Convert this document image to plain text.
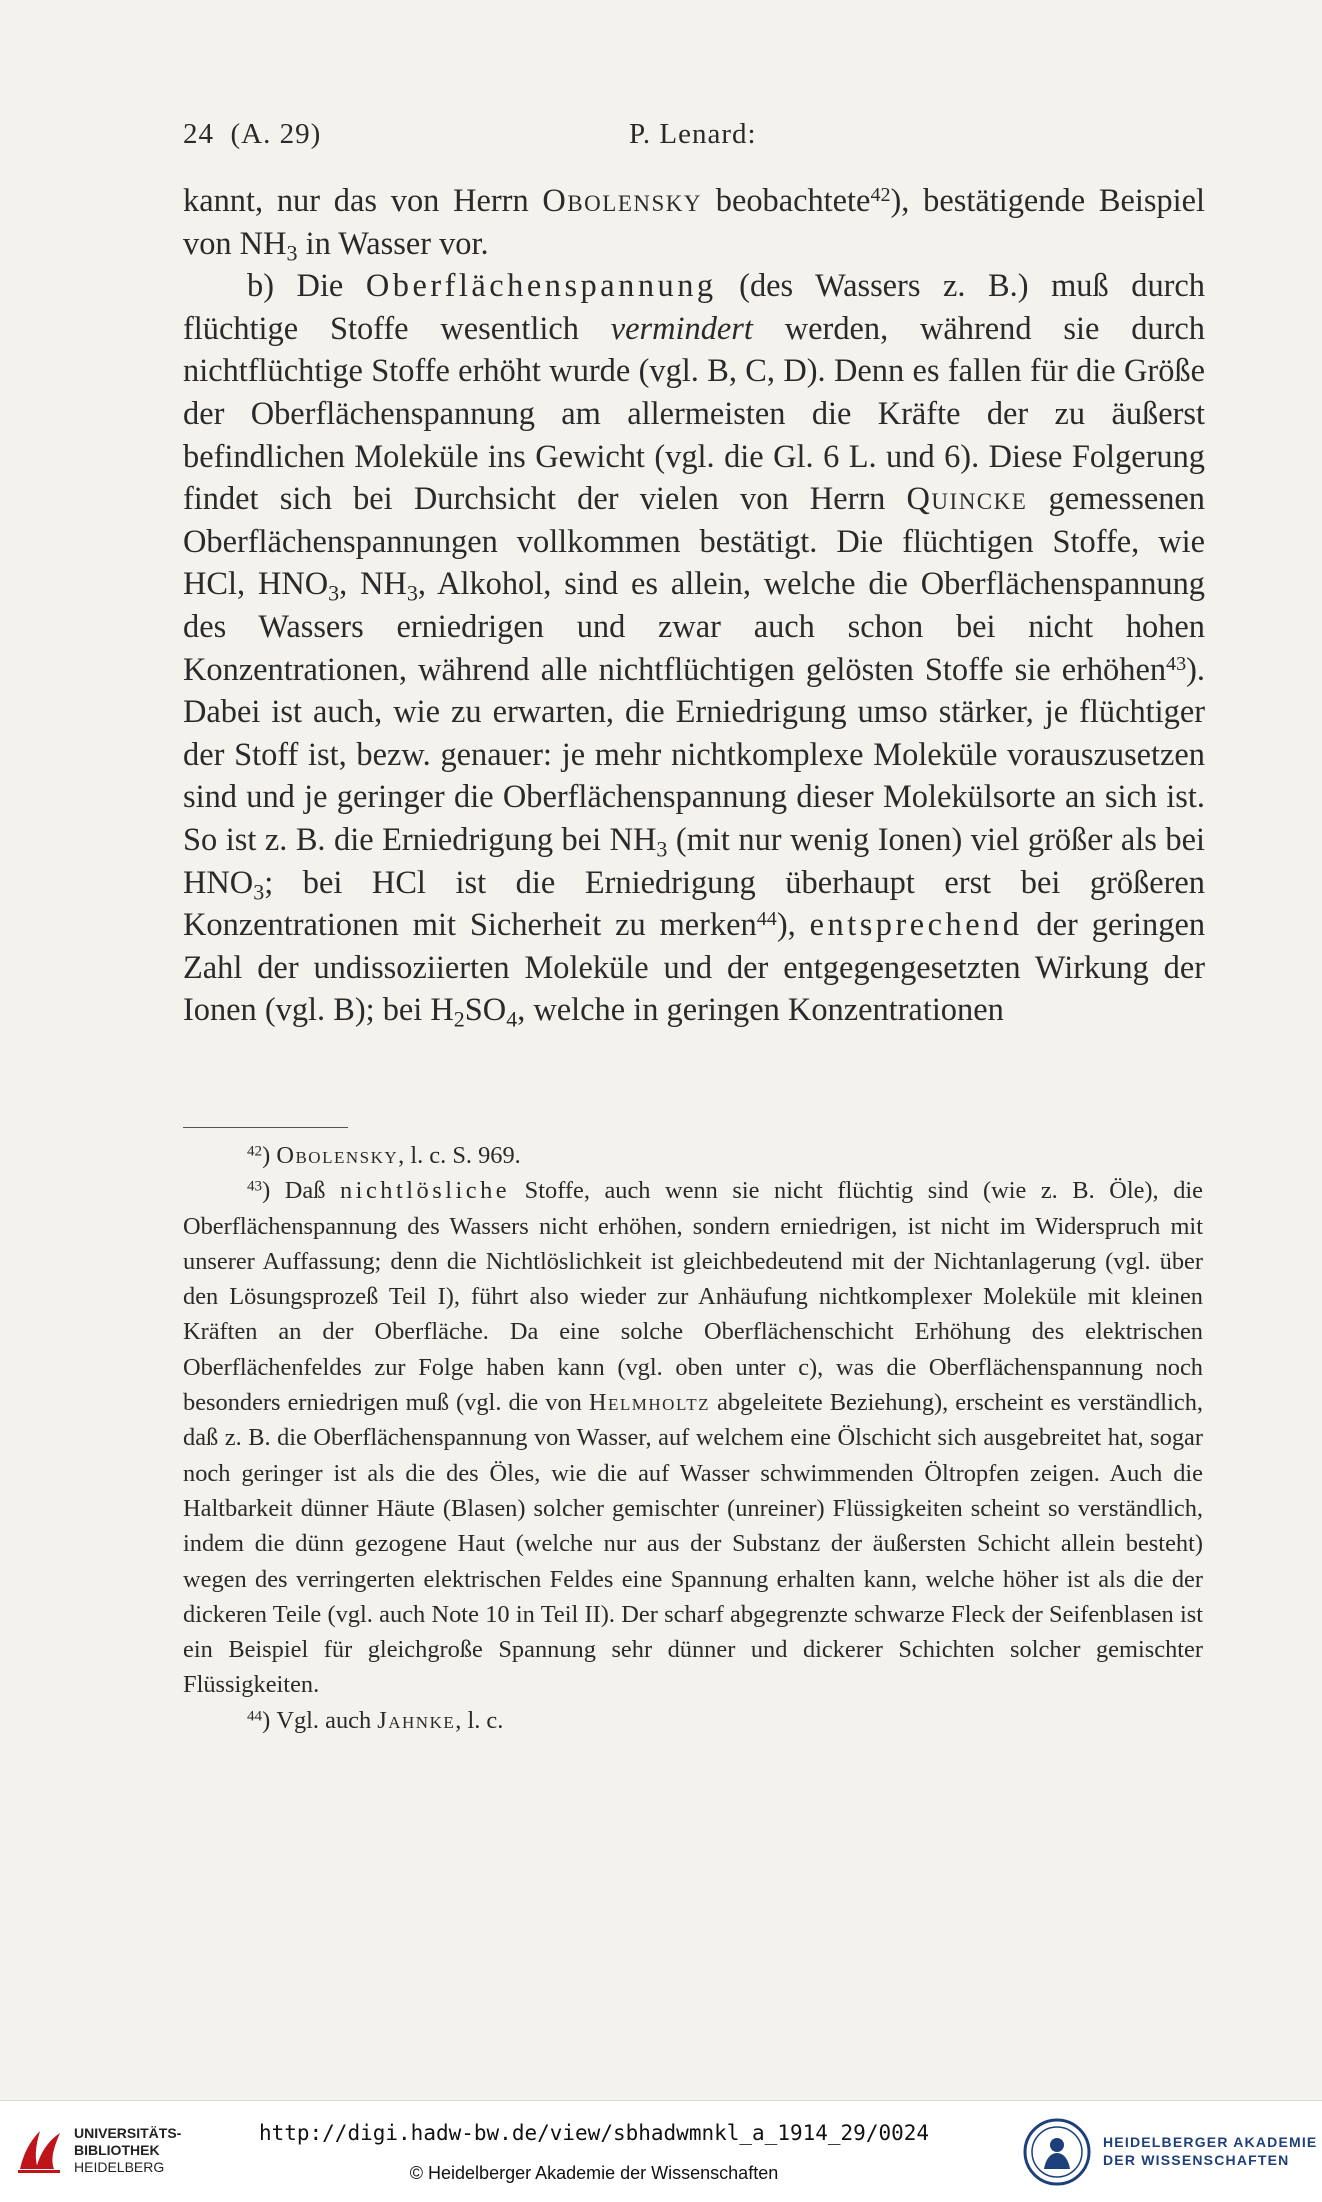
24 (A. 29)	P. Lenard:

kannt, nur das von Herrn Obolensky beobachtete$^{42}$), bestätigende Beispiel von $NH_3$ in Wasser vor.

b) Die Oberflächenspannung (des Wassers z. B.) muß durch flüchtige Stoffe wesentlich vermindert werden, während sie durch nichtflüchtige Stoffe erhöht wurde (vgl. B, C, D). Denn es fallen für die Größe der Oberflächenspannung am allermeisten die Kräfte der zu äußerst befindlichen Moleküle ins Gewicht (vgl. die Gl. 6 L. und 6). Diese Folgerung findet sich bei Durchsicht der vielen von Herrn Quincke gemessenen Oberflächenspannungen vollkommen bestätigt. Die flüchtigen Stoffe, wie HCl, $HNO_3$, $NH_3$, Alkohol, sind es allein, welche die Oberflächenspannung des Wassers erniedrigen und zwar auch schon bei nicht hohen Konzentrationen, während alle nichtflüchtigen gelösten Stoffe sie erhöhen$^{43}$). Dabei ist auch, wie zu erwarten, die Erniedrigung umso stärker, je flüchtiger der Stoff ist, bezw. genauer: je mehr nichtkomplexe Moleküle vorauszusetzen sind und je geringer die Oberflächenspannung dieser Molekülsorte an sich ist. So ist z. B. die Erniedrigung bei $NH_3$ (mit nur wenig Ionen) viel größer als bei $HNO_3$; bei HCl ist die Erniedrigung überhaupt erst bei größeren Konzentrationen mit Sicherheit zu merken$^{44}$), entsprechend der geringen Zahl der undissoziierten Moleküle und der entgegengesetzten Wirkung der Ionen (vgl. B); bei $H_2SO_4$, welche in geringen Konzentrationen

$^{42}$) Obolensky, l. c. S. 969.

$^{43}$) Daß nichtlösliche Stoffe, auch wenn sie nicht flüchtig sind (wie z. B. Öle), die Oberflächenspannung des Wassers nicht erhöhen, sondern erniedrigen, ist nicht im Widerspruch mit unserer Auffassung; denn die Nichtlöslichkeit ist gleichbedeutend mit der Nichtanlagerung (vgl. über den Lösungsprozeß Teil I), führt also wieder zur Anhäufung nichtkomplexer Moleküle mit kleinen Kräften an der Oberfläche. Da eine solche Oberflächenschicht Erhöhung des elektrischen Oberflächenfeldes zur Folge haben kann (vgl. oben unter c), was die Oberflächenspannung noch besonders erniedrigen muß (vgl. die von Helmholtz abgeleitete Beziehung), erscheint es verständlich, daß z. B. die Oberflächenspannung von Wasser, auf welchem eine Ölschicht sich ausgebreitet hat, sogar noch geringer ist als die des Öles, wie die auf Wasser schwimmenden Öltropfen zeigen. Auch die Haltbarkeit dünner Häute (Blasen) solcher gemischter (unreiner) Flüssigkeiten scheint so verständlich, indem die dünn gezogene Haut (welche nur aus der Substanz der äußersten Schicht allein besteht) wegen des verringerten elektrischen Feldes eine Spannung erhalten kann, welche höher ist als die der dickeren Teile (vgl. auch Note 10 in Teil II). Der scharf abgegrenzte schwarze Fleck der Seifenblasen ist ein Beispiel für gleichgroße Spannung sehr dünner und dickerer Schichten solcher gemischter Flüssigkeiten.

$^{44}$) Vgl. auch Jahnke, l. c.

UNIVERSITÄTS-
BIBLIOTHEK
HEIDELBERG
http://digi.hadw-bw.de/view/sbhadwmnkl_a_1914_29/0024
© Heidelberger Akademie der Wissenschaften
HEIDELBERGER AKADEMIE
DER WISSENSCHAFTEN
